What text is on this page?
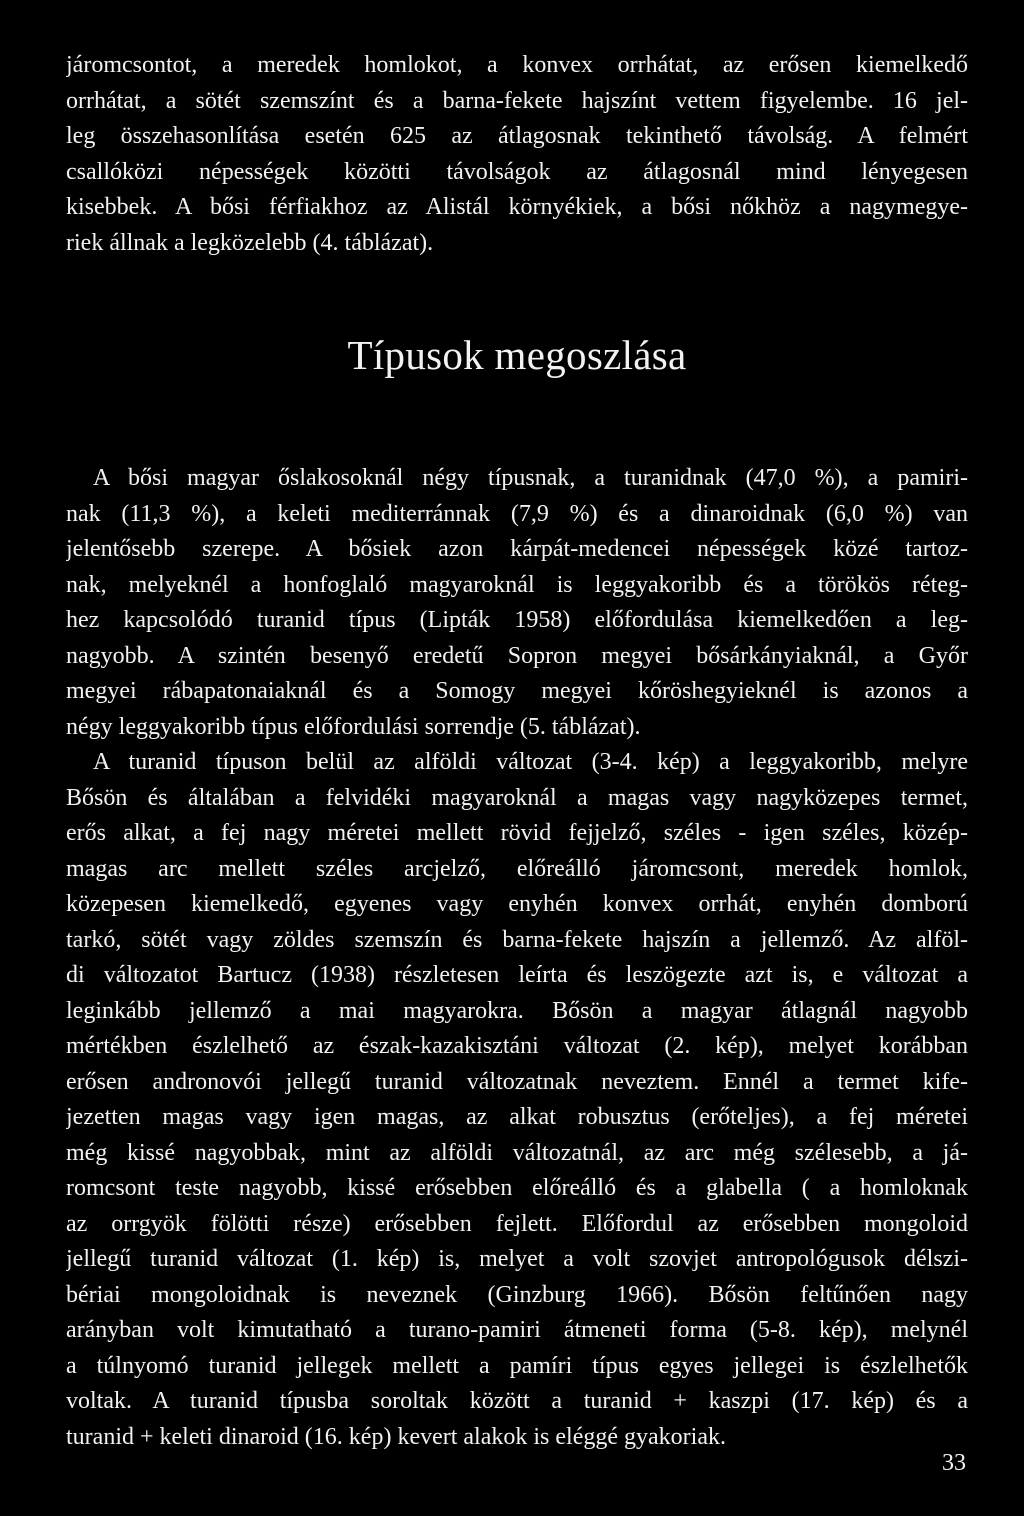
járomcsontot, a meredek homlokot, a konvex orrhátat, az erősen kiemelkedő
orrhátat, a sötét szemszínt és a barna-fekete hajszínt vettem figyelembe. 16 jel-
leg összehasonlítása esetén 625 az átlagosnak tekinthető távolság. A felmért
csallóközi népességek közötti távolságok az átlagosnál mind lényegesen
kisebbek. A bősi férfiakhoz az Alistál környékiek, a bősi nőkhöz a nagymegye-
riek állnak a legközelebb (4. táblázat).
Típusok megoszlása
A bősi magyar őslakosoknál négy típusnak, a turanidnak (47,0 %), a pamiri-
nak (11,3 %), a keleti mediterránnak (7,9 %) és a dinaroidnak (6,0 %) van
jelentősebb szerepe. A bősiek azon kárpát-medencei népességek közé tartoz-
nak, melyeknél a honfoglaló magyaroknál is leggyakoribb és a törökös réteg-
hez kapcsolódó turanid típus (Lipták 1958) előfordulása kiemelkedően a leg-
nagyobb. A szintén besenyő eredetű Sopron megyei bősárkányiaknál, a Győr
megyei rábapatonaiaknál és a Somogy megyei kőröshegyieknél is azonos a
négy leggyakoribb típus előfordulási sorrendje (5. táblázat).
A turanid típuson belül az alföldi változat (3-4. kép) a leggyakoribb, melyre
Bősön és általában a felvidéki magyaroknál a magas vagy nagyközepes termet,
erős alkat, a fej nagy méretei mellett rövid fejjelző, széles - igen széles, közép-
magas arc mellett széles arcjelző, előreálló járomcsont, meredek homlok,
közepesen kiemelkedő, egyenes vagy enyhén konvex orrhát, enyhén domború
tarkó, sötét vagy zöldes szemszín és barna-fekete hajszín a jellemző. Az alföl-
di változatot Bartucz (1938) részletesen leírta és leszögezte azt is, e változat a
leginkább jellemző a mai magyarokra. Bősön a magyar átlagnál nagyobb
mértékben észlelhető az észak-kazakisztáni változat (2. kép), melyet korábban
erősen andronovói jellegű turanid változatnak neveztem. Ennél a termet kife-
jezetten magas vagy igen magas, az alkat robusztus (erőteljes), a fej méretei
még kissé nagyobbak, mint az alföldi változatnál, az arc még szélesebb, a já-
romcsont teste nagyobb, kissé erősebben előreálló és a glabella ( a homloknak
az orrgyök fölötti része) erősebben fejlett. Előfordul az erősebben mongoloid
jellegű turanid változat (1. kép) is, melyet a volt szovjet antropológusok délszi-
bériai mongoloidnak is neveznek (Ginzburg 1966). Bősön feltűnően nagy
arányban volt kimutatható a turano-pamiri átmeneti forma (5-8. kép), melynél
a túlnyomó turanid jellegek mellett a pamíri típus egyes jellegei is észlelhetők
voltak. A turanid típusba soroltak között a turanid + kaszpi (17. kép) és a
turanid + keleti dinaroid (16. kép) kevert alakok is eléggé gyakoriak.
33
